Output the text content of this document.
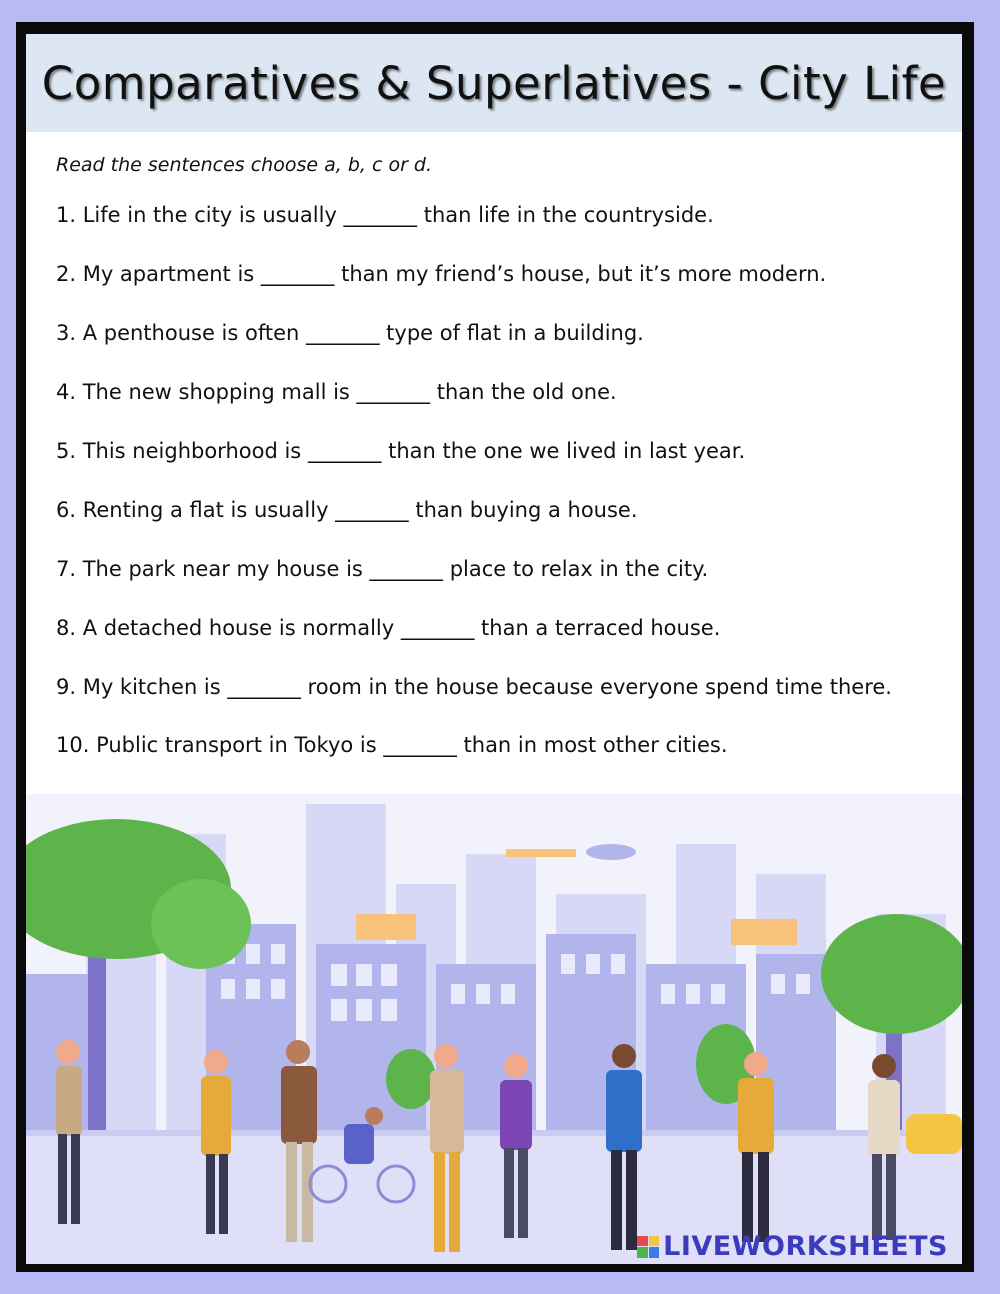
Comparatives & Superlatives - City Life
Read the sentences choose a, b, c or d.
1. Life in the city is usually _______ than life in the countryside.
2. My apartment is _______ than my friend’s house, but it’s more modern.
3. A penthouse is often _______ type of flat in a building.
4. The new shopping mall is _______ than the old one.
5. This neighborhood is _______ than the one we lived in last year.
6. Renting a flat is usually _______ than buying a house.
7. The park near my house is _______ place to relax in the city.
8. A detached house is normally _______ than a terraced house.
9. My kitchen is _______ room in the house because everyone spend time there.
10. Public transport in Tokyo is _______ than in most other cities.
LIVEWORKSHEETS
